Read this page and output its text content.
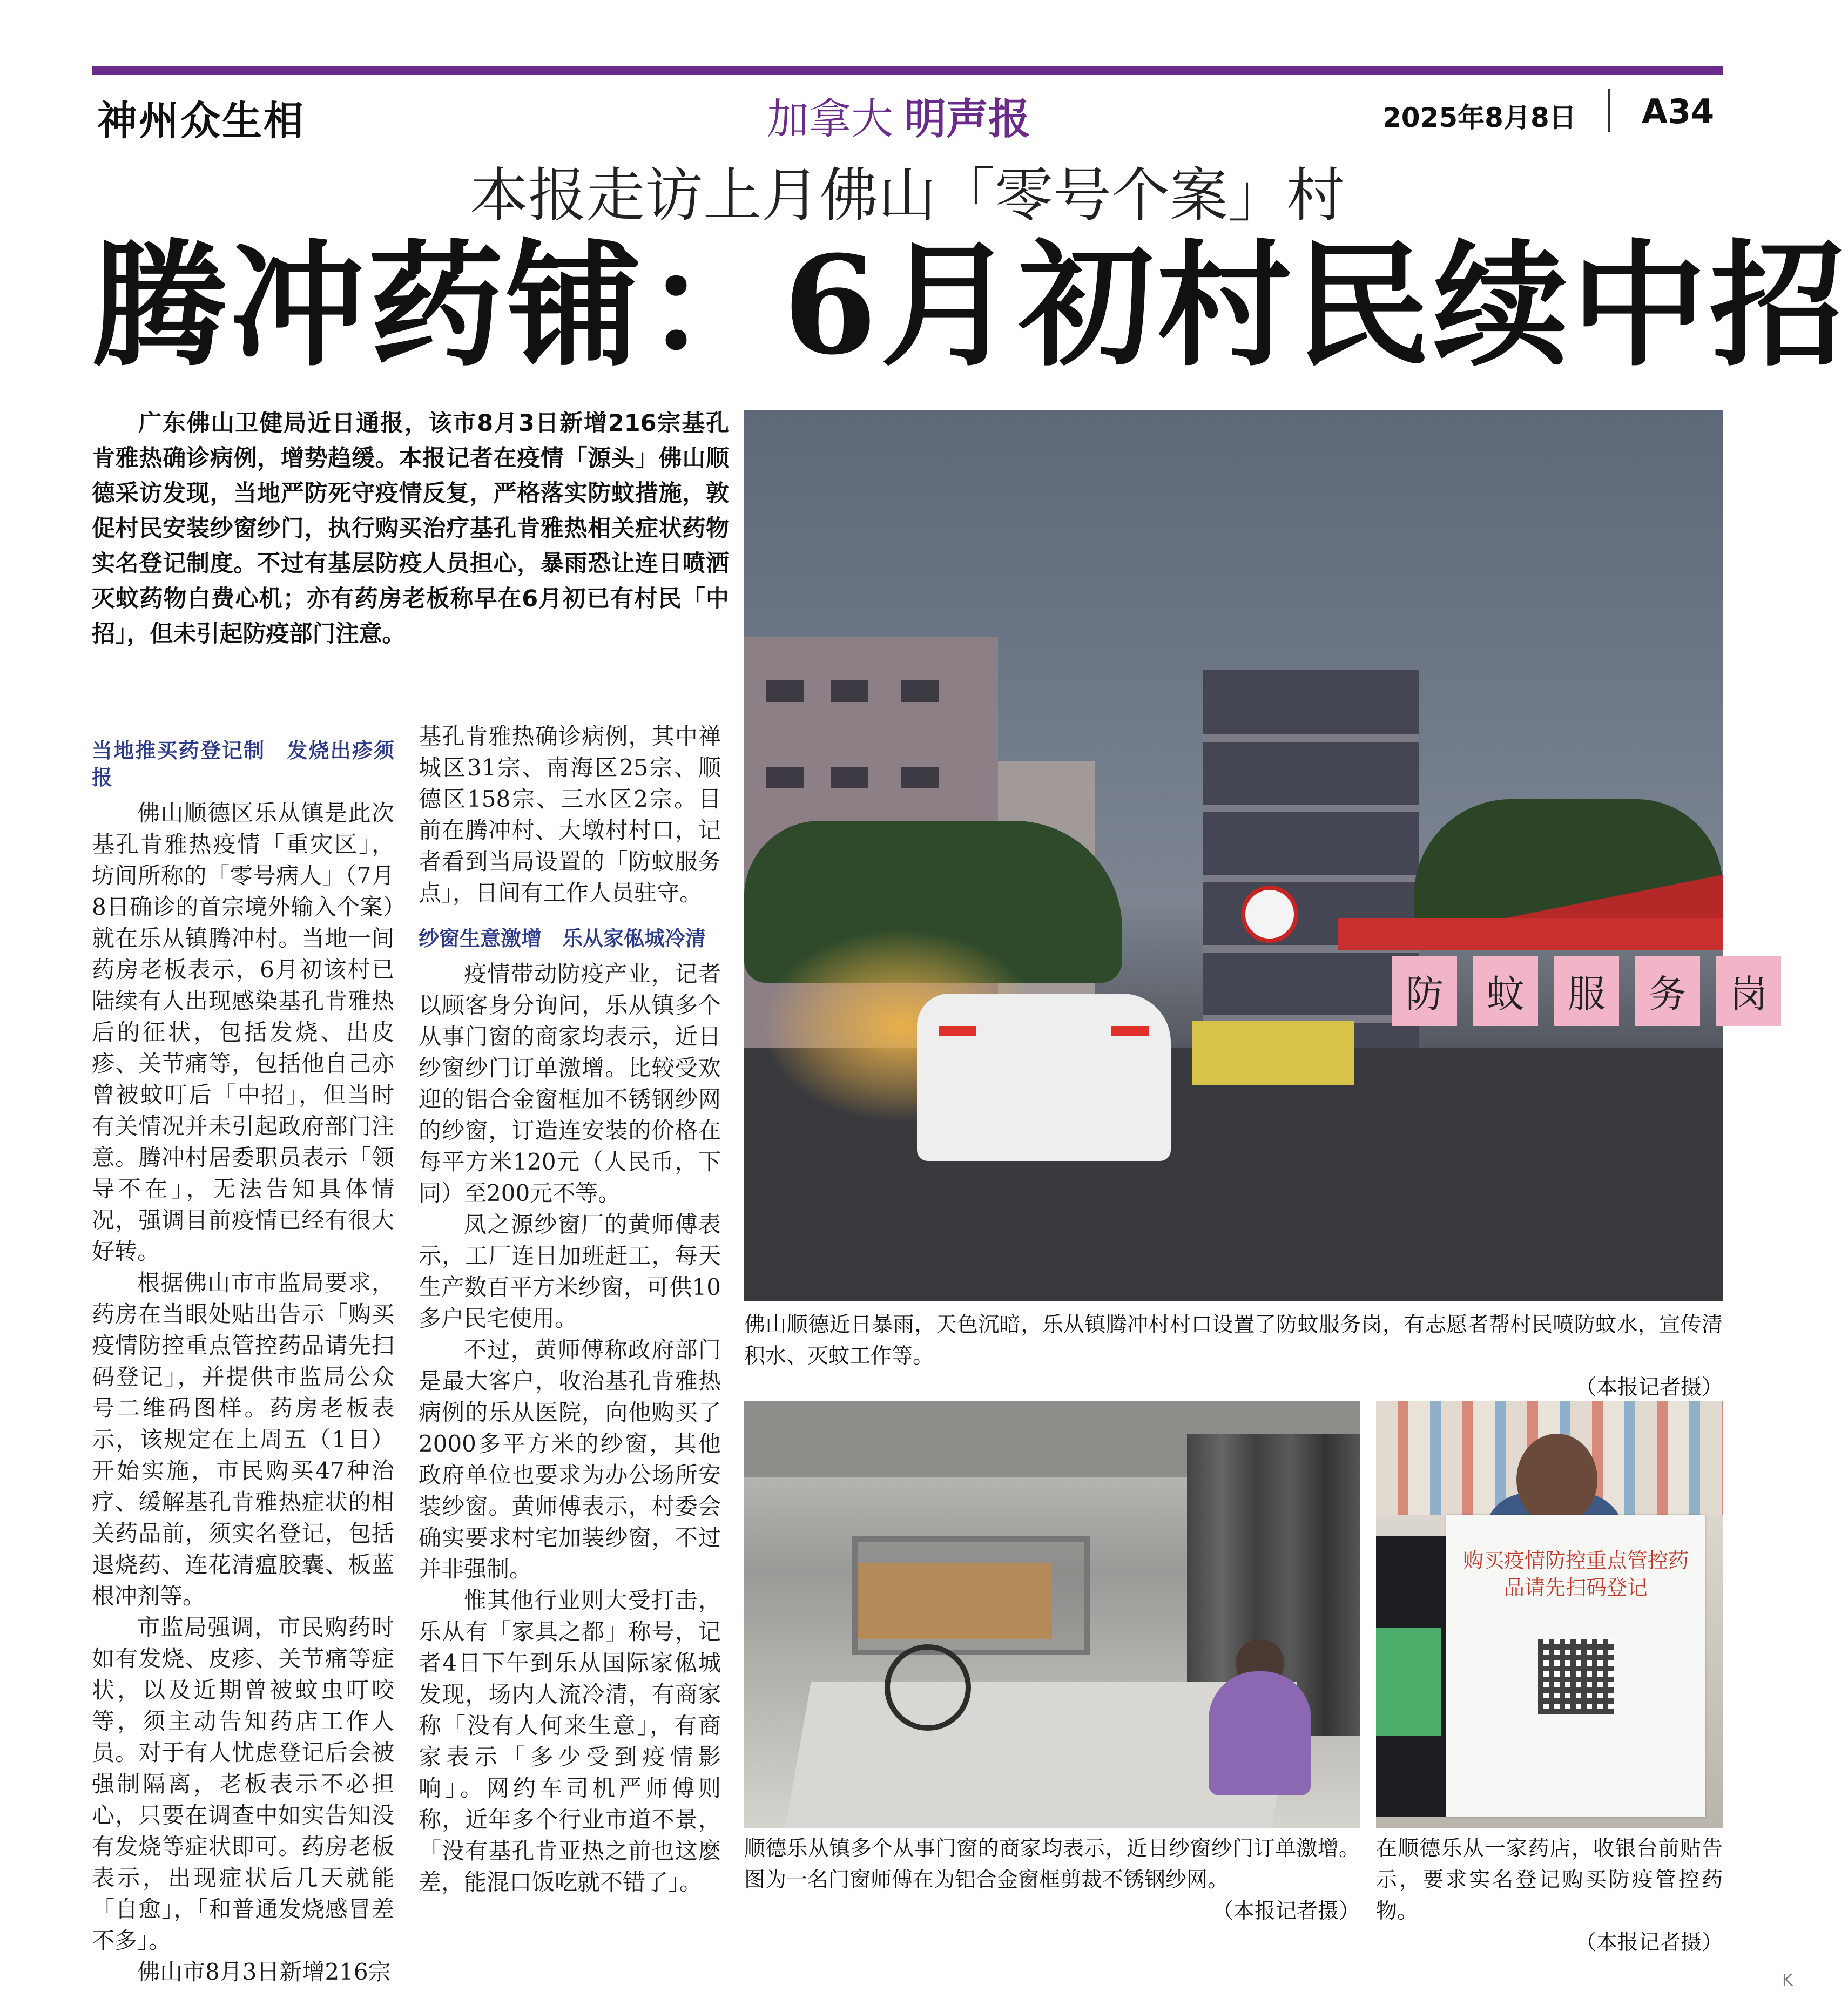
神州众生相	加拿大 明声报	2025年8月8日 A34
本报走访上月佛山「零号个案」村
腾冲药铺：6月初村民续中招
广东佛山卫健局近日通报，该市8月3日新增216宗基孔肯雅热确诊病例，增势趋缓。本报记者在疫情「源头」佛山顺德采访发现，当地严防死守疫情反复，严格落实防蚊措施，敦促村民安装纱窗纱门，执行购买治疗基孔肯雅热相关症状药物实名登记制度。不过有基层防疫人员担心，暴雨恐让连日喷洒灭蚊药物白费心机；亦有药房老板称早在6月初已有村民「中招」，但未引起防疫部门注意。
当地推买药登记制　发烧出疹须报

佛山顺德区乐从镇是此次基孔肯雅热疫情「重灾区」，坊间所称的「零号病人」（7月8日确诊的首宗境外输入个案）就在乐从镇腾冲村。当地一间药房老板表示，6月初该村已陆续有人出现感染基孔肯雅热后的征状，包括发烧、出皮疹、关节痛等，包括他自己亦曾被蚊叮后「中招」，但当时有关情况并未引起政府部门注意。腾冲村居委职员表示「领导不在」，无法告知具体情况，强调目前疫情已经有很大好转。

根据佛山市市监局要求，药房在当眼处贴出告示「购买疫情防控重点管控药品请先扫码登记」，并提供市监局公众号二维码图样。药房老板表示，该规定在上周五（1日）开始实施，市民购买47种治疗、缓解基孔肯雅热症状的相关药品前，须实名登记，包括退烧药、连花清瘟胶囊、板蓝根冲剂等。

市监局强调，市民购药时如有发烧、皮疹、关节痛等症状，以及近期曾被蚊虫叮咬等，须主动告知药店工作人员。对于有人忧虑登记后会被强制隔离，老板表示不必担心，只要在调查中如实告知没有发烧等症状即可。药房老板表示，出现症状后几天就能「自愈」，「和普通发烧感冒差不多」。

佛山市8月3日新增216宗

基孔肯雅热确诊病例，其中禅城区31宗、南海区25宗、顺德区158宗、三水区2宗。目前在腾冲村、大墩村村口，记者看到当局设置的「防蚊服务点」，日间有工作人员驻守。

纱窗生意激增　乐从家俬城冷清

疫情带动防疫产业，记者以顾客身分询问，乐从镇多个从事门窗的商家均表示，近日纱窗纱门订单激增。比较受欢迎的铝合金窗框加不锈钢纱网的纱窗，订造连安装的价格在每平方米120元（人民币，下同）至200元不等。

凤之源纱窗厂的黄师傅表示，工厂连日加班赶工，每天生产数百平方米纱窗，可供10多户民宅使用。

不过，黄师傅称政府部门是最大客户，收治基孔肯雅热病例的乐从医院，向他购买了2000多平方米的纱窗，其他政府单位也要求为办公场所安装纱窗。黄师傅表示，村委会确实要求村宅加装纱窗，不过并非强制。

惟其他行业则大受打击，乐从有「家具之都」称号，记者4日下午到乐从国际家俬城发现，场内人流冷清，有商家称「没有人何来生意」，有商家表示「多少受到疫情影响」。网约车司机严师傅则称，近年多个行业市道不景，「没有基孔肯亚热之前也这麽差，能混口饭吃就不错了」。

防	蚊	服	务	岗
佛山顺德近日暴雨，天色沉暗，乐从镇腾冲村村口设置了防蚊服务岗，有志愿者帮村民喷防蚊水，宣传清积水、灭蚊工作等。
（本报记者摄）
顺德乐从镇多个从事门窗的商家均表示，近日纱窗纱门订单激增。图为一名门窗师傅在为铝合金窗框剪裁不锈钢纱网。
（本报记者摄）
购买疫情防控重点管控药品请先扫码登记
在顺德乐从一家药店，收银台前贴告示，要求实名登记购买防疫管控药物。
（本报记者摄）
K
